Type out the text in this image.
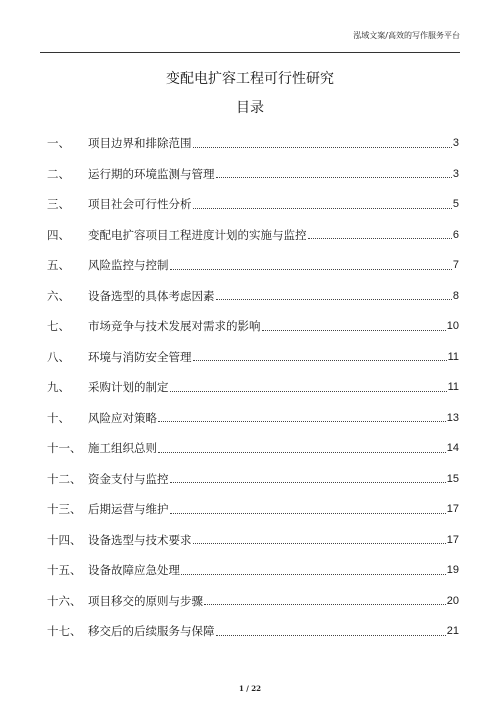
泓域文案/高效的写作服务平台
变配电扩容工程可行性研究
目录
一、	项目边界和排除范围	3
二、	运行期的环境监测与管理	3
三、	项目社会可行性分析	5
四、	变配电扩容项目工程进度计划的实施与监控	6
五、	风险监控与控制	7
六、	设备选型的具体考虑因素	8
七、	市场竞争与技术发展对需求的影响	10
八、	环境与消防安全管理	11
九、	采购计划的制定	11
十、	风险应对策略	13
十一、 施工组织总则	14
十二、 资金支付与监控	15
十三、 后期运营与维护	17
十四、 设备选型与技术要求	17
十五、 设备故障应急处理	19
十六、 项目移交的原则与步骤	20
十七、 移交后的后续服务与保障	21
1 / 22
